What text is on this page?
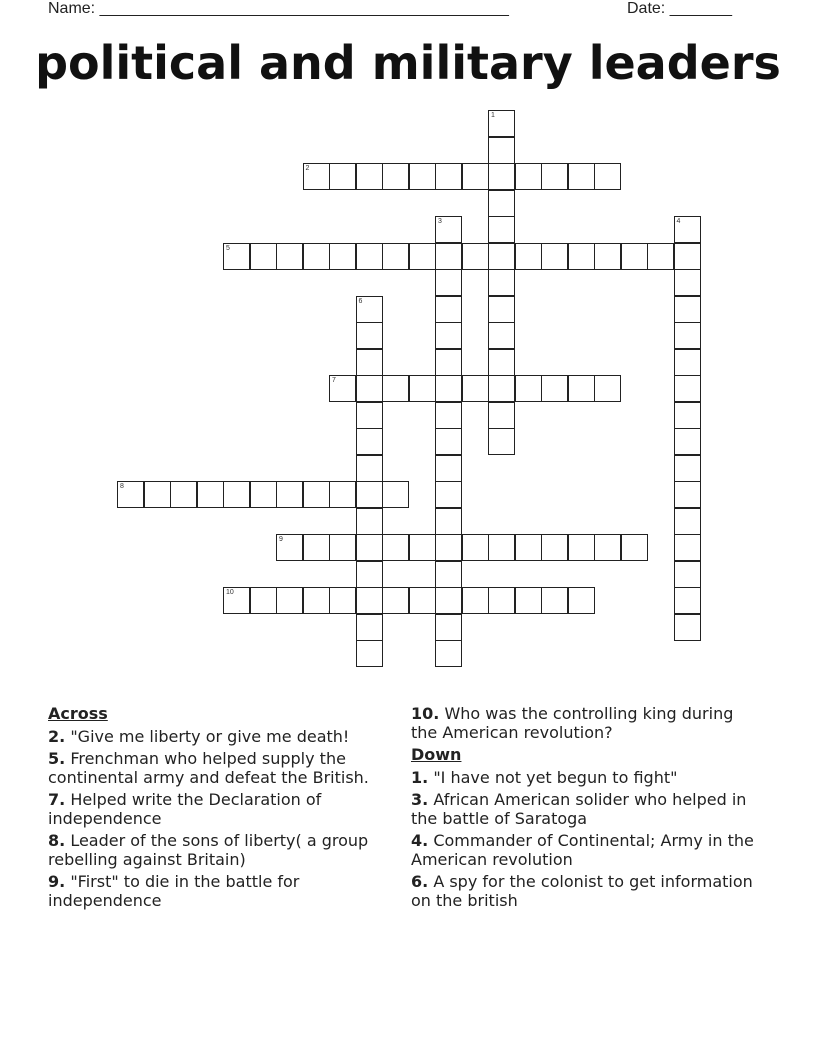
Name: ______________________________________________	Date: _______
political and military leaders
1
2
3	4
5
6
7
8
9
10
Across
2. "Give me liberty or give me death!
5. Frenchman who helped supply the continental army and defeat the British.
7. Helped write the Declaration of independence
8. Leader of the sons of liberty( a group rebelling against Britain)
9. "First" to die in the battle for independence
10. Who was the controlling king during the American revolution?
Down
1. "I have not yet begun to fight"
3. African American solider who helped in the battle of Saratoga
4. Commander of Continental; Army in the American revolution
6. A spy for the colonist to get information on the british
